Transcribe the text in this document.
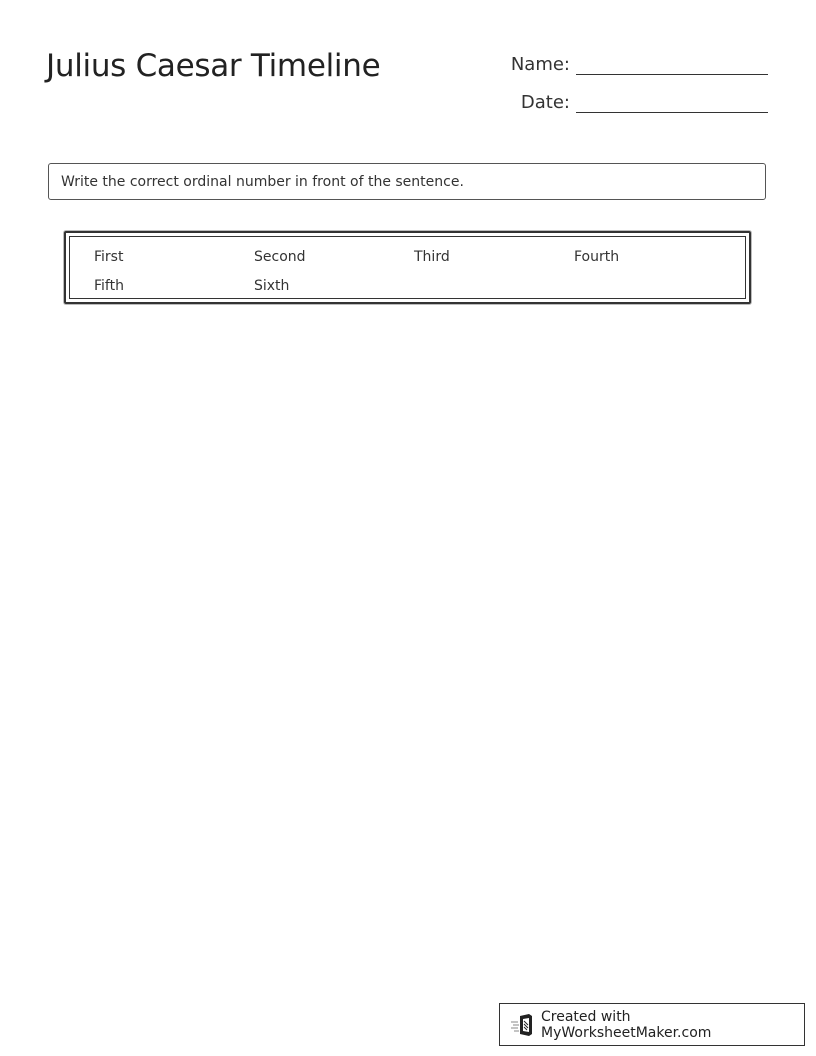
Julius Caesar Timeline	Name:
Date:
Write the correct ordinal number in front of the sentence.
First	Second	Third	Fourth
Fifth	Sixth
Created with MyWorksheetMaker.com
